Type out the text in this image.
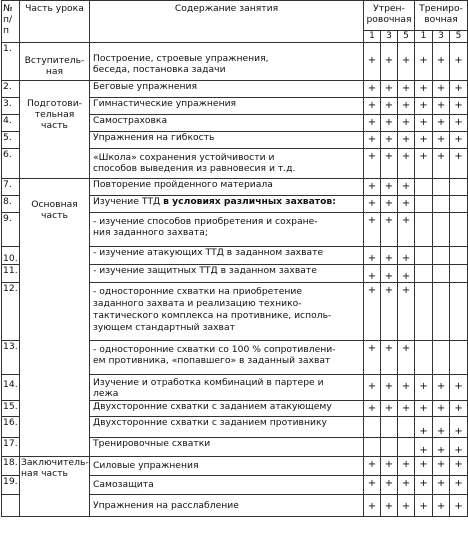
№ п/п	Часть урока	Содержание занятия	Утрен-
ровочная			Трениро-
вочная		
			1	3	5	1	3	5
1.	Вступитель-
ная	Построение, строевые упражнения,
беседа, постановка задачи	+	+	+	+	+	+
2.	Подготови-
тельная часть	Беговые упражнения	+	+	+	+	+	+
3.		Гимнастические упражнения	+	+	+	+	+	+
4.		Самостраховка	+	+	+	+	+	+
5.		Упражнения на гибкость	+	+	+	+	+	+
6.		«Школа» сохранения устойчивости и
способов выведения из равновесия и т.д.	+	+	+	+	+	+
7.	Основная
часть	Повторение пройденного материала	+	+	+			
8.		Изучение ТТД в условиях различных захватов:	+	+	+			
9.		- изучение способов приобретения и сохране-
ния заданного захвата;	+	+	+			
10.		- изучение атакующих ТТД в заданном захвате	+	+	+			
11.		- изучение защитных ТТД в заданном захвате	+	+	+			
12.		- односторонние схватки на приобретение
заданного захвата и реализацию технико-
тактического комплекса на противнике, исполь-
зующем стандартный захват	+	+	+			
13.		- односторонние схватки со 100 % сопротивлени-
ем противника, «попавшего» в заданный захват	+	+	+			
14.		Изучение и отработка комбинаций в партере и
лежа	+	+	+	+	+	+
15.		Двухсторонние схватки с заданием атакующему	+	+	+	+	+	+
16.		Двухсторонние схватки с заданием противнику				+	+	+
17.		Тренировочные схватки				+	+	+
18.	Заключитель-
ная часть	Силовые упражнения	+	+	+	+	+	+
19.		Самозащита	+	+	+	+	+	+
		Упражнения на расслабление	+	+	+	+	+	+
